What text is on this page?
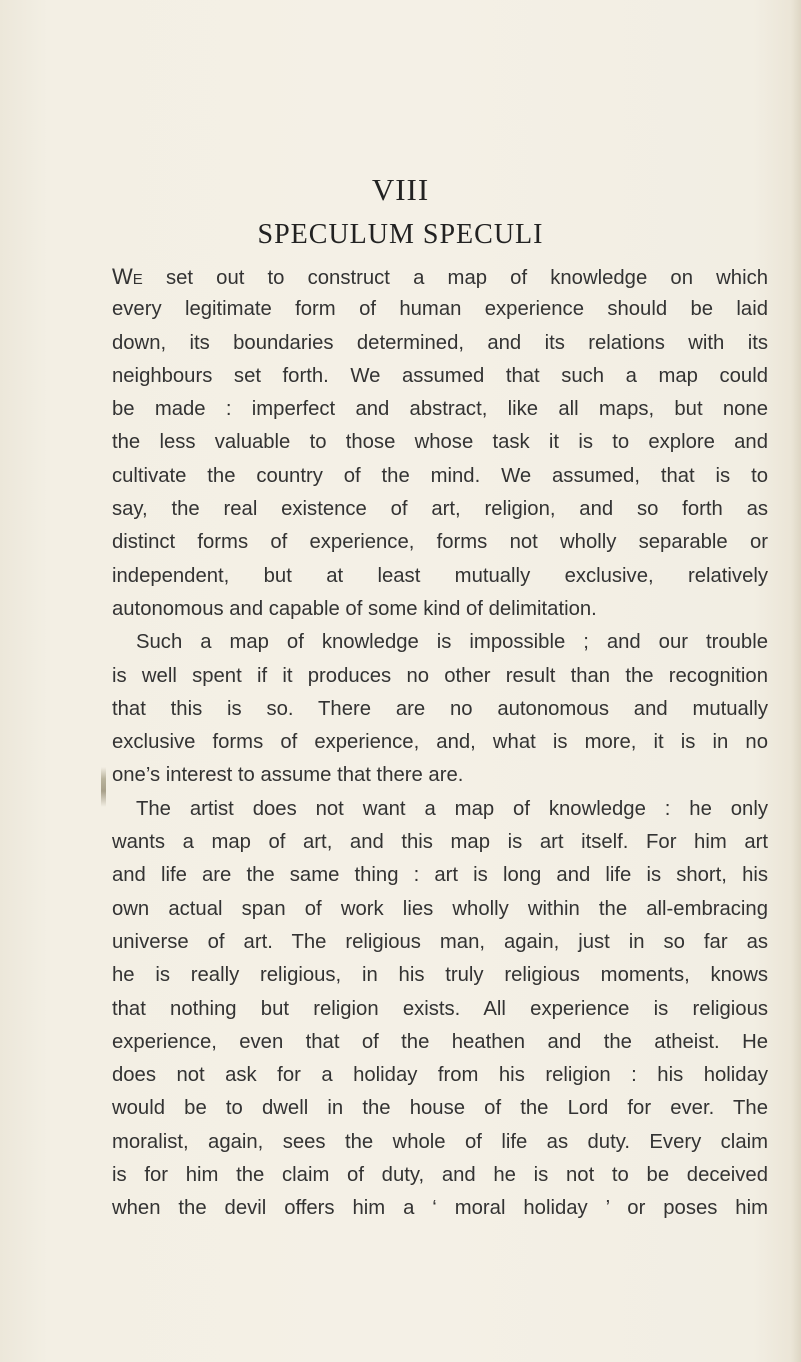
VIII
SPECULUM SPECULI
We set out to construct a map of knowledge on which
every legitimate form of human experience should be laid
down, its boundaries determined, and its relations with its
neighbours set forth. We assumed that such a map could
be made : imperfect and abstract, like all maps, but none
the less valuable to those whose task it is to explore and
cultivate the country of the mind. We assumed, that is to
say, the real existence of art, religion, and so forth as
distinct forms of experience, forms not wholly separable or
independent, but at least mutually exclusive, relatively
autonomous and capable of some kind of delimitation.
Such a map of knowledge is impossible ; and our trouble
is well spent if it produces no other result than the recognition
that this is so. There are no autonomous and mutually
exclusive forms of experience, and, what is more, it is in no
one’s interest to assume that there are.
The artist does not want a map of knowledge : he only
wants a map of art, and this map is art itself. For him art
and life are the same thing : art is long and life is short, his
own actual span of work lies wholly within the all-embracing
universe of art. The religious man, again, just in so far as
he is really religious, in his truly religious moments, knows
that nothing but religion exists. All experience is religious
experience, even that of the heathen and the atheist. He
does not ask for a holiday from his religion : his holiday
would be to dwell in the house of the Lord for ever. The
moralist, again, sees the whole of life as duty. Every claim
is for him the claim of duty, and he is not to be deceived
when the devil offers him a ‘ moral holiday ’ or poses him
